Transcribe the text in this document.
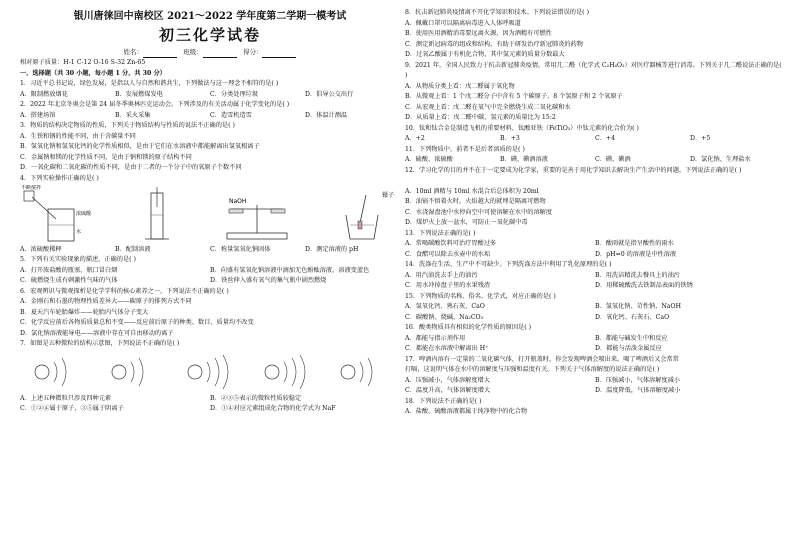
银川唐徕回中南校区 2021～2022 学年度第二学期一模考试
初三化学试卷
姓名：	班级：	得分：
相对原子质量：H-1 C-12 O-16 S-32 Zn-65
一、选择题（共 30 小题，每小题 1 分，共 30 分）
1．习近平总书记说，绿色发展，是指以人与自然和谐共生，下列做法与这一理念不相符的是( )
A．限制燃放烟花	B．发展燃煤发电	C．分类处理垃圾	D．倡导公交出行
2．2022 年北京冬奥会是第 24 届冬季奥林匹克运动会。下列涉及的有关活动属于化学变化的是( )
A．搭建场馆	B．采火采集	C．造雪机造雪	D．体温计测温
3．物质的结构决定物质的性质，下列关于物质结构与性质的说法不正确的是( )
A．生铁和钢的性能不同，由于含碳量不同
B．氢氧化钠和氢氧化钙的化学性质相似，是由于它们在水溶液中都能解离出氢氧根离子
C．金属钠和镁的化学性质不同，是由于钠和镁的原子结构不同
D．一氧化碳和二氧化碳的性质不同，是由于二者的一个分子中的氧原子个数不同
4．下列实验操作正确的是( )
不断搅拌
水
浓硫酸
NaOH
镊子
A．浓硫酸稀释	B．配制溶液	C．称量氢氧化钠固体	D．测定溶液的 pH
5．下列有关实验现象的描述，正确的是( )
A．打开浓盐酸的瓶塞，瓶口冒白烟	B．向盛有氢氧化钠溶液中滴加无色酚酞溶液，溶液变蓝色
C．硫燃烧生成有刺激性气味的气体	D．铁丝伸入盛有氧气的集气瓶中剧烈燃烧
6．宏观辨识与微观探析是化学学科的核心素养之一，下列说法不正确的是( )
A．金刚石和石墨的物理性质差异大——碳原子的排列方式不同
B．夏天汽车轮胎爆炸——轮胎内气体分子变大
C．化学反应前后各物质质量总和不变——反应前后原子的种类、数目、质量均不改变
D．氯化钠溶液能导电——溶液中存在可自由移动的离子
7．如图是五种微粒的结构示意图，下列说法不正确的是( )
A．上述五种微粒只涉及四种元素	B．②③⑤表示的微粒性质较稳定
C．①②④属于原子，③⑤属于阴离子	D．①④对应元素组成化合物的化学式为 NaF
8．抗击新冠肺炎疫情离不开化学知识和技术。下列说法错误的是( )
A．佩戴口罩可以隔离病毒进入人体呼吸道
B．使用医用酒精消毒要远离火源，因为酒精有可燃性
C．测定新冠病毒的组成和结构，有助于研发治疗新冠肺炎的药物
D．过氧乙酸属于有机化合物，其中氢元素的质量分数最大
9．2021 年，全国人民致力于抗击新冠肺炎疫情，常用几二醛（化学式 C₂H₄O₂）对医疗器械等进行消毒。下列关于几二醛说法正确的是( )
A．从物质分类上看：戊二醛属于氧化物
B．从微观上看：1 个戊二醛分子中含有 5 个碳原子、8 个氢原子和 2 个氧原子
C．从宏观上看：戊二醛在氧气中完全燃烧生成二氧化碳和水
D．从质量上看：戊二醛中碳、氢元素的质量比为 15:2
10．钛和钛合金是制造飞机的重要材料，钛酸亚铁（FeTiO₃）中钛元素的化合价为( )
A．+2	B．+3	C．+4	D．+5
11．下列物质中，前者不是后者溶质的是( )
A．硫酸、浓硫酸	B．碘、碘酒溶液	C．碘、碘酒	D．氯化钠、生理盐水
12．学习化学的目的并不在于一定要成为化学家，重要的是善于用化学知识去解决生产生活中的问题。下列说法正确的是( )
A．10ml 酒精与 10ml 水混合后总体积为 20ml
B．油锅不慎着火时，火焰越大的就埋是隔离可燃物
C．水浇湿盘池中水停向空中可使溶解在水中的溶解度
D．煤炉火上放一盆水，可防止一氧化碳中毒
13．下列说法正确的是( )
A．常喝碳酸饮料可治疗胃酸过多	B．酸雨就是指呈酸性的雨水
C．食醋可以除去水壶中的水垢	D．pH=0 的溶液是中性溶液
14．洗涤在生活、生产中不可缺少。下列洗涤方法中利用了乳化原理的是( )
A．用汽油洗去手上的油污	B．用洗洁精洗去餐具上的油污
C．用水冲掉盘子里的水果残渣	D．用稀硫酸洗去铁制品表面的铁锈
15．下列物质的名称、俗名、化学式，对应正确的是( )
A．氢氧化钙、熟石灰、CaO	B．氢氧化钠、苛性钠、NaOH
C．碳酸钠、烧碱、Na₂CO₃	D．氧化钙、石灰石、CaO
16．酸类物质具有相似的化学性质的原因是( )
A．都能与指示剂作用	B．都能与碱发生中和反应
C．都能在水溶液中解离出 H⁺	D．都能与活泼金属反应
17．啤酒内溶有一定量的二氧化碳气体，打开瓶盖时，你会发现啤酒会喷出来。喝了啤酒后又会常常
打嗝，这说明气体在水中的溶解度与压强和温度有关。下列关于气体溶解度的说法正确的是( )
A．压强减小，气体溶解度增大	B．压强减小，气体溶解度减小
C．温度升高，气体溶解度增大	D．温度降低，气体溶解度减小
18．下列说法不正确的是( )
A．盐酸、硫酸溶液都属于纯净物中的化合物
